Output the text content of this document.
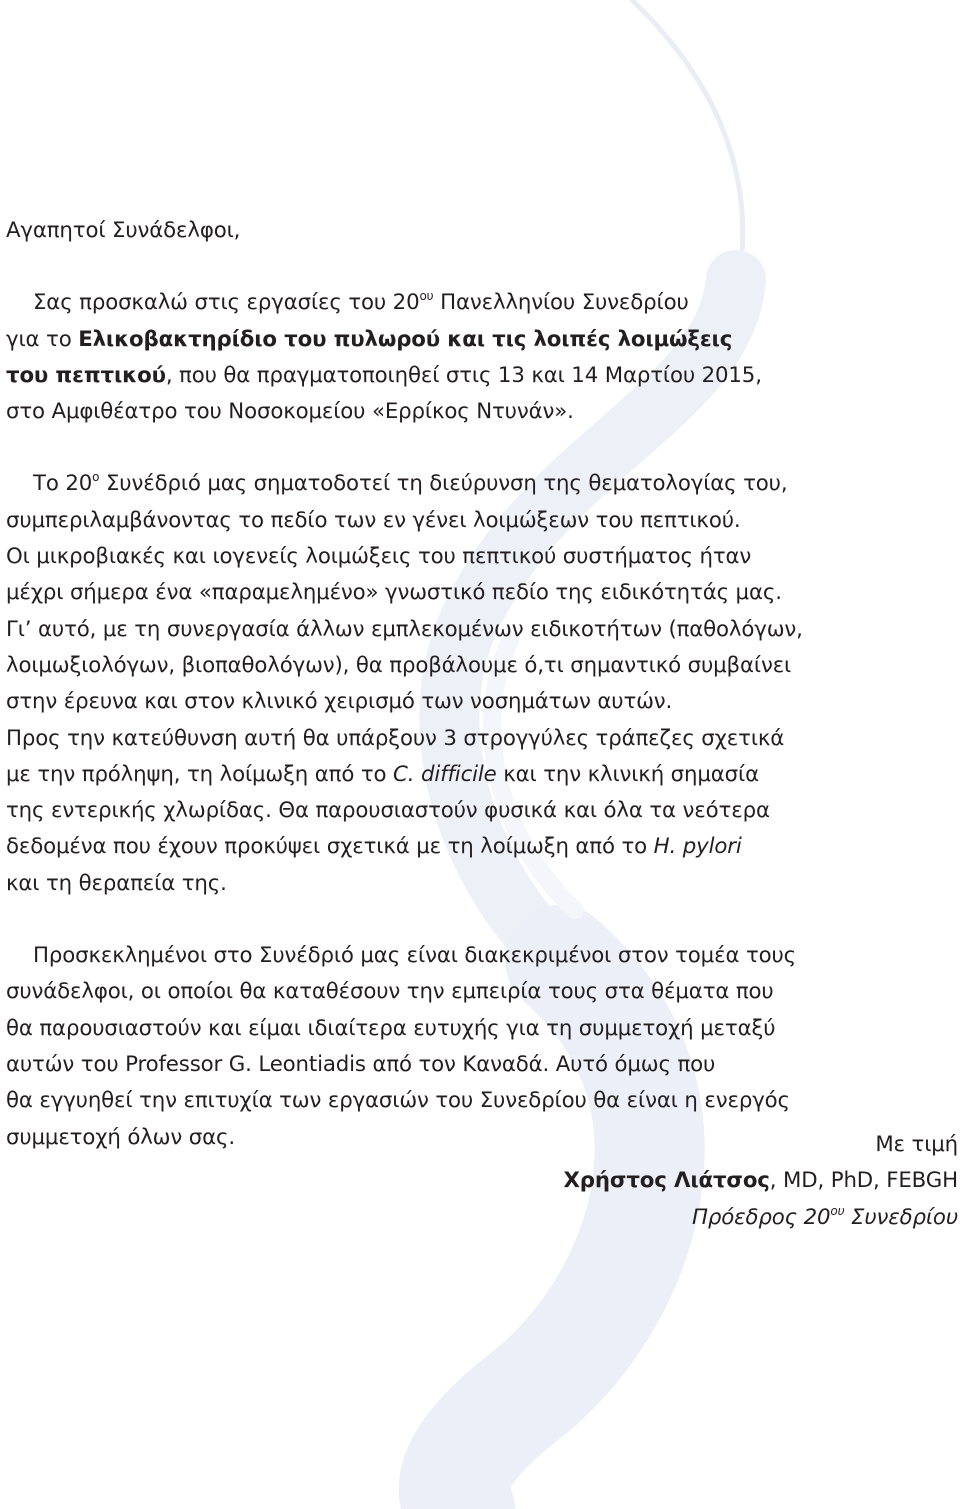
Αγαπητοί Συνάδελφοι,

Σας προσκαλώ στις εργασίες του $20^{o\upsilon}$ Πανελληνίου Συνεδρίου
για το Ελικοβακτηρίδιο του πυλωρού και τις λοιπές λοιμώξεις
του πεπτικού, που θα πραγματοποιηθεί στις 13 και 14 Μαρτίου 2015,
στο Αμφιθέατρο του Νοσοκομείου «Ερρίκος Ντυνάν».

Το $20^o$ Συνέδριό μας σηματοδοτεί τη διεύρυνση της θεματολογίας του,
συμπεριλαμβάνοντας το πεδίο των εν γένει λοιμώξεων του πεπτικού.
Οι μικροβιακές και ιογενείς λοιμώξεις του πεπτικού συστήματος ήταν
μέχρι σήμερα ένα «παραμελημένο» γνωστικό πεδίο της ειδικότητάς μας.
Γι’ αυτό, με τη συνεργασία άλλων εμπλεκομένων ειδικοτήτων (παθολόγων,
λοιμωξιολόγων, βιοπαθολόγων), θα προβάλουμε ό,τι σημαντικό συμβαίνει
στην έρευνα και στον κλινικό χειρισμό των νοσημάτων αυτών.
Προς την κατεύθυνση αυτή θα υπάρξουν 3 στρογγύλες τράπεζες σχετικά
με την πρόληψη, τη λοίμωξη από το C. difficile και την κλινική σημασία
της εντερικής χλωρίδας. Θα παρουσιαστούν φυσικά και όλα τα νεότερα
δεδομένα που έχουν προκύψει σχετικά με τη λοίμωξη από το H. pylori
και τη θεραπεία της.

Προσκεκλημένοι στο Συνέδριό μας είναι διακεκριμένοι στον τομέα τους
συνάδελφοι, οι οποίοι θα καταθέσουν την εμπειρία τους στα θέματα που
θα παρουσιαστούν και είμαι ιδιαίτερα ευτυχής για τη συμμετοχή μεταξύ
αυτών του Professor G. Leontiadis από τον Καναδά. Αυτό όμως που
θα εγγυηθεί την επιτυχία των εργασιών του Συνεδρίου θα είναι η ενεργός
συμμετοχή όλων σας.	Με τιμή

Χρήστος Λιάτσος, MD, PhD, FEBGH

Πρόεδρος $20^{o\upsilon}$ Συνεδρίου
